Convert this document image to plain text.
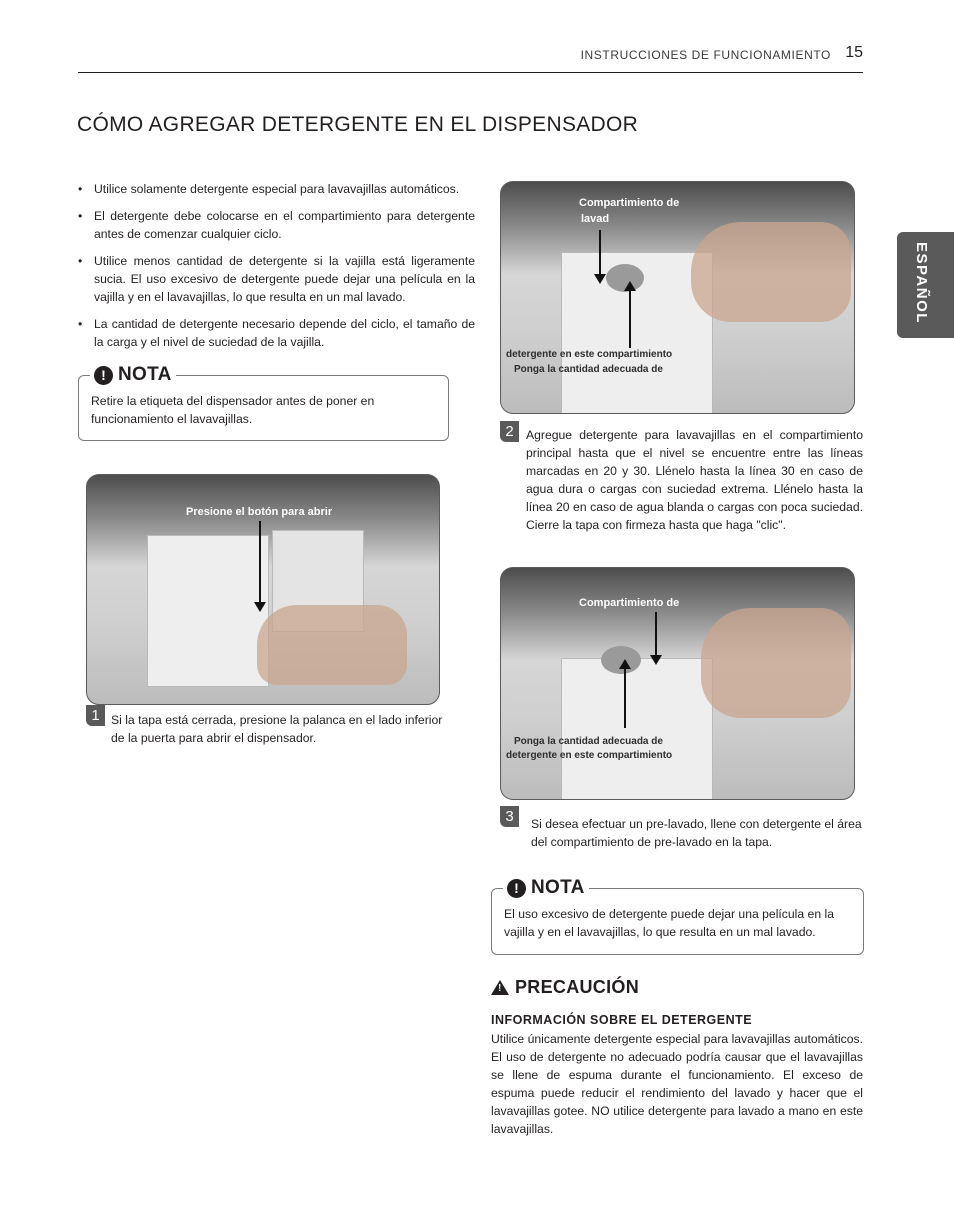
INSTRUCCIONES DE FUNCIONAMIENTO 15
CÓMO AGREGAR DETERGENTE EN EL DISPENSADOR
ESPAÑOL
• Utilice solamente detergente especial para lavavajillas automáticos.
• El detergente debe colocarse en el compartimiento para detergente antes de comenzar cualquier ciclo.
• Utilice menos cantidad de detergente si la vajilla está ligeramente sucia. El uso excesivo de detergente puede dejar una película en la vajilla y en el lavavajillas, lo que resulta en un mal lavado.
• La cantidad de detergente necesario depende del ciclo, el tamaño de la carga y el nivel de suciedad de la vajilla.
! NOTA
Retire la etiqueta del dispensador antes de poner en funcionamiento el lavavajillas.
Presione el botón para abrir
1 Si la tapa está cerrada, presione la palanca en el lado inferior de la puerta para abrir el dispensador.
Compartimiento de
lavad
detergente en este compartimiento
Ponga la cantidad adecuada de
2	Agregue detergente para lavavajillas en el compartimiento principal hasta que el nivel se encuentre entre las líneas marcadas en 20 y 30. Llénelo hasta la línea 30 en caso de agua dura o cargas con suciedad extrema. Llénelo hasta la línea 20 en caso de agua blanda o cargas con poca suciedad. Cierre la tapa con firmeza hasta que haga "clic".
Compartimiento de
Ponga la cantidad adecuada de
detergente en este compartimiento
3	Si desea efectuar un pre-lavado, llene con detergente el área del compartimiento de pre-lavado en la tapa.
! NOTA
El uso excesivo de detergente puede dejar una película en la vajilla y en el lavavajillas, lo que resulta en un mal lavado.
! PRECAUCIÓN
INFORMACIÓN SOBRE EL DETERGENTE
Utilice únicamente detergente especial para lavavajillas automáticos. El uso de detergente no adecuado podría causar que el lavavajillas se llene de espuma durante el funcionamiento. El exceso de espuma puede reducir el rendimiento del lavado y hacer que el lavavajillas gotee. NO utilice detergente para lavado a mano en este lavavajillas.
